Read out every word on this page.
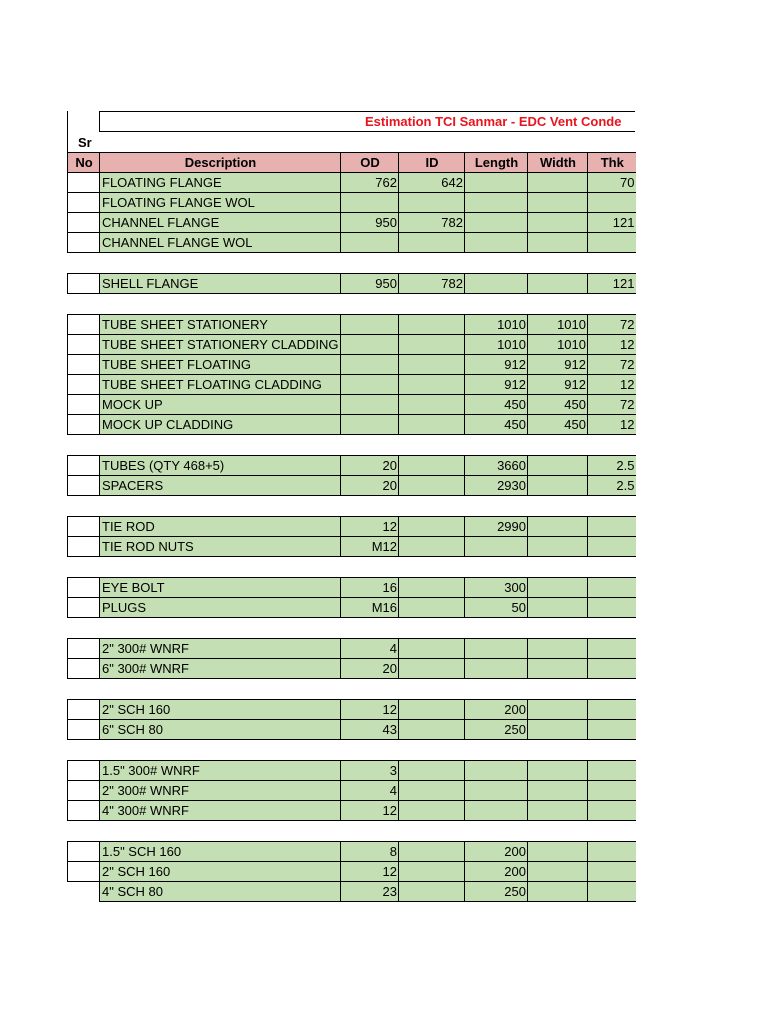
Estimation TCI Sanmar - EDC Vent Conde
Sr
No	Description	OD	ID	Length	Width	Thk
	FLOATING FLANGE	762	642			70
	FLOATING FLANGE WOL					
	CHANNEL FLANGE	950	782			121
	CHANNEL FLANGE WOL					

	SHELL FLANGE	950	782			121

	TUBE SHEET STATIONERY			1010	1010	72
	TUBE SHEET STATIONERY CLADDING			1010	1010	12
	TUBE SHEET FLOATING			912	912	72
	TUBE SHEET FLOATING CLADDING			912	912	12
	MOCK UP			450	450	72
	MOCK UP CLADDING			450	450	12

	TUBES (QTY 468+5)	20		3660		2.5
	SPACERS	20		2930		2.5

	TIE ROD	12		2990		
	TIE ROD NUTS	M12				

	EYE BOLT	16		300		
	PLUGS	M16		50		

	2" 300# WNRF	4				
	6" 300# WNRF	20				

	2" SCH 160	12		200		
	6" SCH 80	43		250		

	1.5" 300# WNRF	3				
	2" 300# WNRF	4				
	4" 300# WNRF	12				

	1.5" SCH 160	8		200		
	2" SCH 160	12		200		
	4" SCH 80	23		250		
